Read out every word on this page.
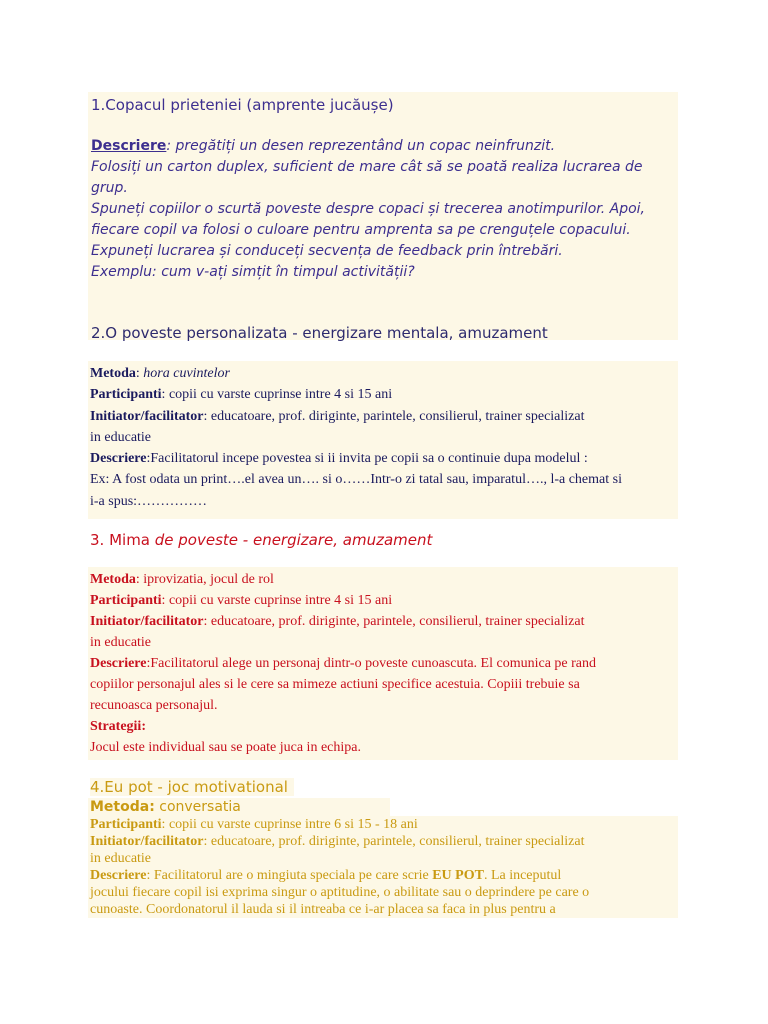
1.Copacul prieteniei (amprente jucăușe)
Descriere: pregătiți un desen reprezentând un copac neinfrunzit.
Folosiți un carton duplex, suficient de mare cât să se poată realiza lucrarea de
grup.
Spuneți copiilor o scurtă poveste despre copaci și trecerea anotimpurilor. Apoi,
fiecare copil va folosi o culoare pentru amprenta sa pe crenguțele copacului.
Expuneți lucrarea și conduceți secvența de feedback prin întrebări.
Exemplu: cum v-ați simțit în timpul activității?
2.O poveste personalizata - energizare mentala, amuzament
Metoda: hora cuvintelor
Participanti: copii cu varste cuprinse intre 4 si 15 ani
Initiator/facilitator: educatoare, prof. diriginte, parintele, consilierul, trainer specializat
in educatie
Descriere:Facilitatorul incepe povestea si ii invita pe copii sa o continuie dupa modelul :
Ex: A fost odata un print….el avea un…. si o……Intr-o zi tatal sau, imparatul…., l-a chemat si
i-a spus:……………
3. Mima de poveste - energizare, amuzament
Metoda: iprovizatia, jocul de rol
Participanti: copii cu varste cuprinse intre 4 si 15 ani
Initiator/facilitator: educatoare, prof. diriginte, parintele, consilierul, trainer specializat
in educatie
Descriere:Facilitatorul alege un personaj dintr-o poveste cunoascuta. El comunica pe rand
copiilor personajul ales si le cere sa mimeze actiuni specifice acestuia. Copiii trebuie sa
recunoasca personajul.
Strategii:
Jocul este individual sau se poate juca in echipa.
4.Eu pot - joc motivational
Metoda: conversatia
Participanti: copii cu varste cuprinse intre 6 si 15 - 18 ani
Initiator/facilitator: educatoare, prof. diriginte, parintele, consilierul, trainer specializat
in educatie
Descriere: Facilitatorul are o mingiuta speciala pe care scrie EU POT. La inceputul
jocului fiecare copil isi exprima singur o aptitudine, o abilitate sau o deprindere pe care o
cunoaste. Coordonatorul il lauda si il intreaba ce i-ar placea sa faca in plus pentru a
